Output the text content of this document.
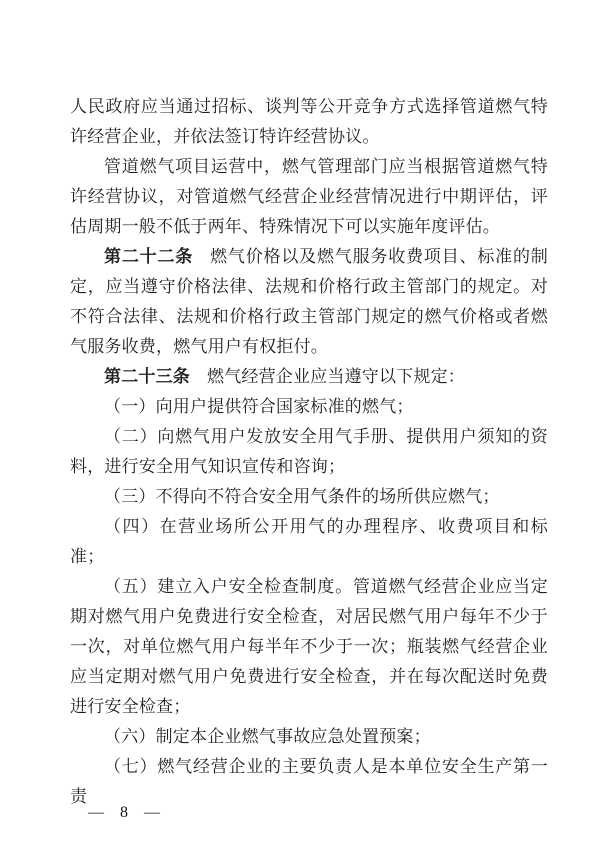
人民政府应当通过招标、谈判等公开竞争方式选择管道燃气特许经营企业，并依法签订特许经营协议。

管道燃气项目运营中，燃气管理部门应当根据管道燃气特许经营协议，对管道燃气经营企业经营情况进行中期评估，评估周期一般不低于两年、特殊情况下可以实施年度评估。

第二十二条 燃气价格以及燃气服务收费项目、标准的制定，应当遵守价格法律、法规和价格行政主管部门的规定。对不符合法律、法规和价格行政主管部门规定的燃气价格或者燃气服务收费，燃气用户有权拒付。

第二十三条 燃气经营企业应当遵守以下规定：

（一）向用户提供符合国家标准的燃气；

（二）向燃气用户发放安全用气手册、提供用户须知的资料，进行安全用气知识宣传和咨询；

（三）不得向不符合安全用气条件的场所供应燃气；

（四）在营业场所公开用气的办理程序、收费项目和标准；

（五）建立入户安全检查制度。管道燃气经营企业应当定期对燃气用户免费进行安全检查，对居民燃气用户每年不少于一次，对单位燃气用户每半年不少于一次；瓶装燃气经营企业应当定期对燃气用户免费进行安全检查，并在每次配送时免费进行安全检查；

（六）制定本企业燃气事故应急处置预案；

（七）燃气经营企业的主要负责人是本单位安全生产第一责

— 8 —
